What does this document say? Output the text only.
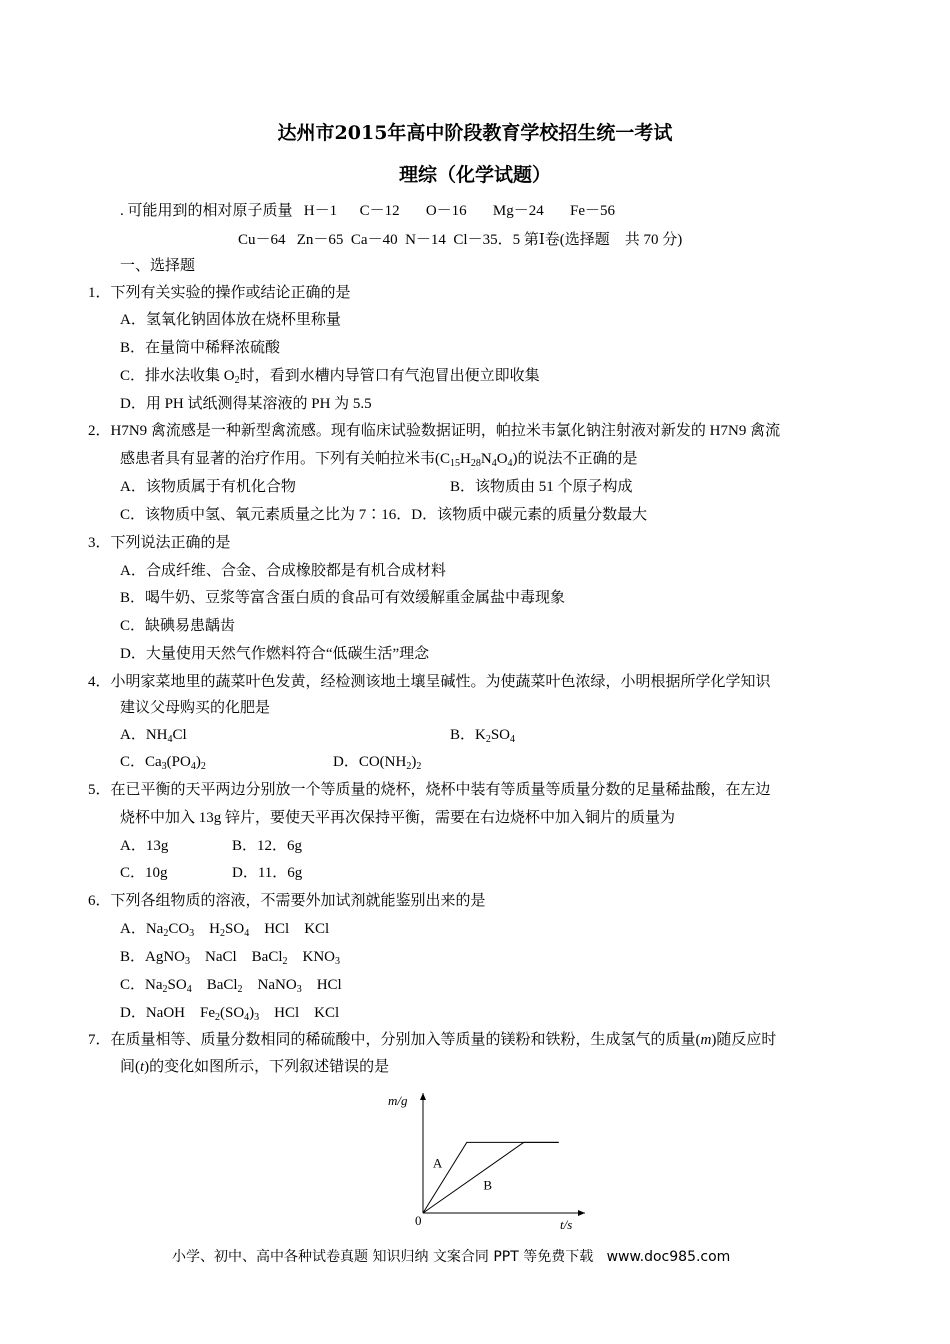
达州市2015年高中阶段教育学校招生统一考试
理综（化学试题）
. 可能用到的相对原子质量   H－1      C－12       O－16       Mg－24       Fe－56
Cu－64   Zn－65  Ca－40  N－14  Cl－35．5 第Ⅰ卷(选择题    共 70 分)
一、选择题
1．下列有关实验的操作或结论正确的是
A．氢氧化钠固体放在烧杯里称量
B．在量筒中稀释浓硫酸
C．排水法收集 $O_2$时，看到水槽内导管口有气泡冒出便立即收集
D．用 PH 试纸测得某溶液的 PH 为 5.5
2．H7N9 禽流感是一种新型禽流感。现有临床试验数据证明，帕拉米韦氯化钠注射液对新发的 H7N9 禽流
感患者具有显著的治疗作用。下列有关帕拉米韦$(C_{15}H_{28}N_4O_4)$的说法不正确的是
A．该物质属于有机化合物	B．该物质由 51 个原子构成
C．该物质中氢、氧元素质量之比为 7∶16．D．该物质中碳元素的质量分数最大
3．下列说法正确的是
A．合成纤维、合金、合成橡胶都是有机合成材料
B．喝牛奶、豆浆等富含蛋白质的食品可有效缓解重金属盐中毒现象
C．缺碘易患龋齿
D．大量使用天然气作燃料符合“低碳生活”理念
4．小明家菜地里的蔬菜叶色发黄，经检测该地土壤呈碱性。为使蔬菜叶色浓绿，小明根据所学化学知识
建议父母购买的化肥是
A．$NH_4Cl$	B．$K_2SO_4$
C．$Ca_3(PO_4)_2$	D．$CO(NH_2)_2$
5．在已平衡的天平两边分别放一个等质量的烧杯，烧杯中装有等质量等质量分数的足量稀盐酸，在左边
烧杯中加入 13g 锌片，要使天平再次保持平衡，需要在右边烧杯中加入铜片的质量为
A．13g	B．12．6g
C．10g	D．11．6g
6．下列各组物质的溶液，不需要外加试剂就能鉴别出来的是
A．$Na_2CO_3$    $H_2SO_4$    HCl    KCl
B．AgNO$_3$    NaCl    BaCl$_2$    $KNO_3$
C．$Na_2SO_4$    BaCl$_2$    NaNO$_3$    HCl
D．NaOH    $Fe_2(SO_4)_3$    HCl    KCl
7．在质量相等、质量分数相同的稀硫酸中，分别加入等质量的镁粉和铁粉，生成氢气的质量(m)随反应时
间(t)的变化如图所示，下列叙述错误的是
m/g
t/s
0
A
B
小学、初中、高中各种试卷真题 知识归纳 文案合同 PPT 等免费下载   www.doc985.com
